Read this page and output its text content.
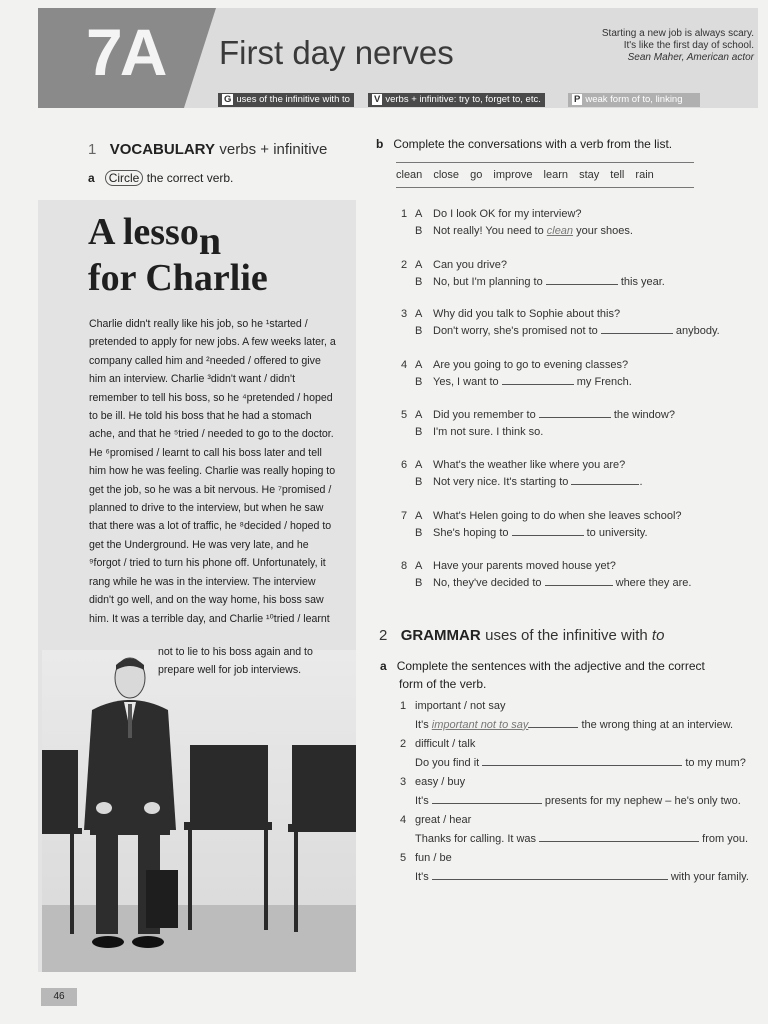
7A First day nerves
Starting a new job is always scary.
It's like the first day of school.
Sean Maher, American actor
G uses of the infinitive with to	V verbs + infinitive: try to, forget to, etc.	P weak form of to, linking
1 VOCABULARY verbs + infinitive
a Circle the correct verb.
A lesson
for Charlie
Charlie didn't really like his job, so he ¹started / pretended to apply for new jobs. A few weeks later, a company called him and ²needed / offered to give him an interview. Charlie ³didn't want / didn't remember to tell his boss, so he ⁴pretended / hoped to be ill. He told his boss that he had a stomach ache, and that he ⁵tried / needed to go to the doctor. He ⁶promised / learnt to call his boss later and tell him how he was feeling. Charlie was really hoping to get the job, so he was a bit nervous. He ⁷promised / planned to drive to the interview, but when he saw that there was a lot of traffic, he ⁸decided / hoped to get the Underground. He was very late, and he ⁹forgot / tried to turn his phone off. Unfortunately, it rang while he was in the interview. The interview didn't go well, and on the way home, his boss saw him. It was a terrible day, and Charlie ¹⁰tried / learnt
not to lie to his boss again and to prepare well for job interviews.
b Complete the conversations with a verb from the list.
clean close go improve learn stay tell rain
1 A Do I look OK for my interview?
B Not really! You need to clean your shoes.
2 A Can you drive?
B No, but I'm planning to	this year.
3 A Why did you talk to Sophie about this?
B Don't worry, she's promised not to	anybody.
4 A Are you going to go to evening classes?
B Yes, I want to	my French.
5 A Did you remember to	the window?
B I'm not sure. I think so.
6 A What's the weather like where you are?
B Not very nice. It's starting to	.
7 A What's Helen going to do when she leaves school?
B She's hoping to	to university.
8 A Have your parents moved house yet?
B No, they've decided to	where they are.
2 GRAMMAR uses of the infinitive with to
a Complete the sentences with the adjective and the correct
form of the verb.
1 important / not say
It's important not to say	the wrong thing at an interview.
2 difficult / talk
Do you find it	to my mum?
3 easy / buy
It's	presents for my nephew – he's only two.
4 great / hear
Thanks for calling. It was	from you.
5 fun / be
It's	with your family.
46
